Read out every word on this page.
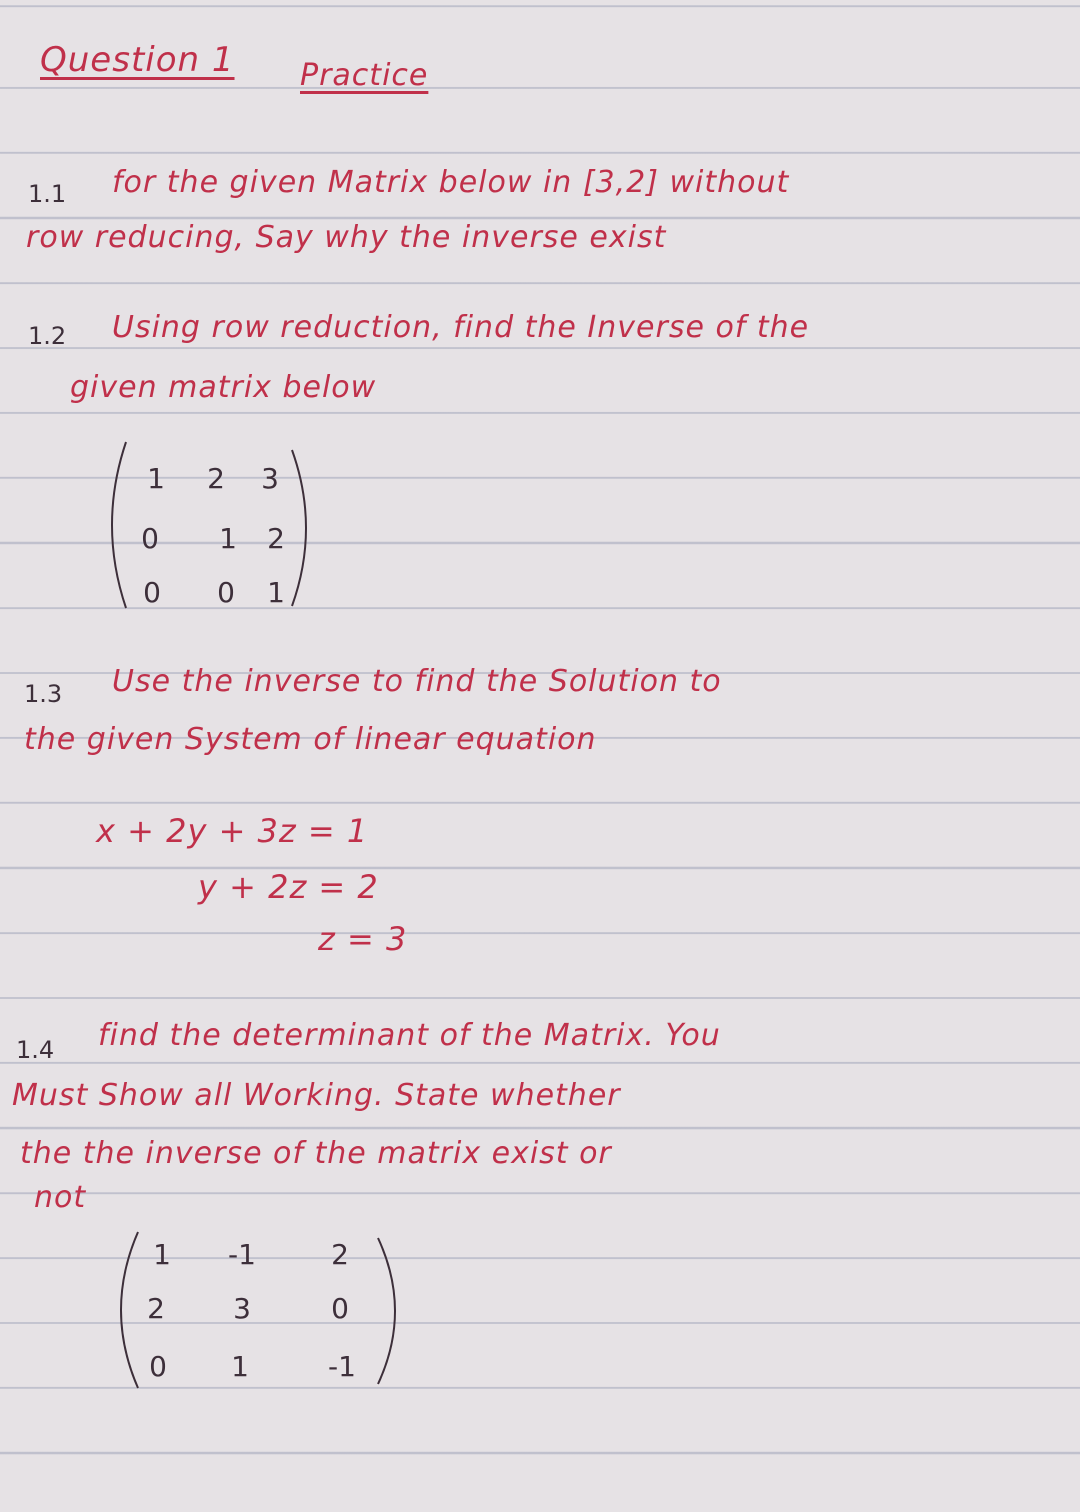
Question 1 Practice
1.1 for the given Matrix below in [3,2] without
row reducing, Say why the inverse exist
1.2 Using row reduction, find the Inverse of the
given matrix below
1	2	3
0	1	2
0	0	1
1.3 Use the inverse to find the Solution to
the given System of linear equation
x + 2y + 3z = 1
y + 2z = 2
z = 3
1.4 find the determinant of the Matrix. You
Must Show all Working. State whether
the the inverse of the matrix exist or
not
1	-1	2
2	3	0
0	1	-1
